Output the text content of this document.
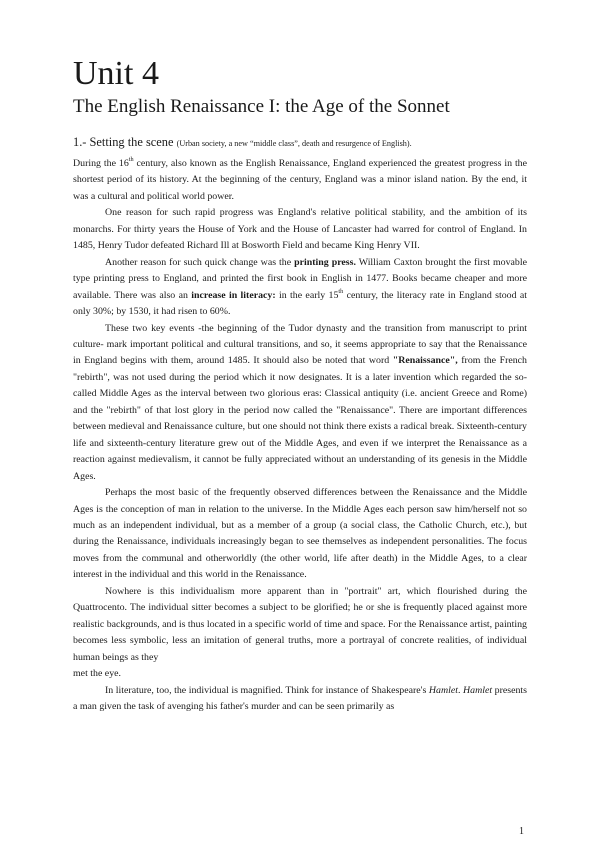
Unit 4
The English Renaissance I: the Age of the Sonnet
1.- Setting the scene (Urban society, a new “middle class”, death and resurgence of English).

During the 16th century, also known as the English Renaissance, England experienced the greatest progress in the shortest period of its history. At the beginning of the century, England was a minor island nation. By the end, it was a cultural and political world power.

One reason for such rapid progress was England's relative political stability, and the ambition of its monarchs. For thirty years the House of York and the House of Lancaster had warred for control of England. In 1485, Henry Tudor defeated Richard Ill at Bosworth Field and became King Henry VII.

Another reason for such quick change was the printing press. William Caxton brought the first movable type printing press to England, and printed the first book in English in 1477. Books became cheaper and more available. There was also an increase in literacy: in the early 15th century, the literacy rate in England stood at only 30%; by 1530, it had risen to 60%.

These two key events -the beginning of the Tudor dynasty and the transition from manuscript to print culture- mark important political and cultural transitions, and so, it seems appropriate to say that the Renaissance in England begins with them, around 1485. It should also be noted that word "Renaissance", from the French "rebirth", was not used during the period which it now designates. It is a later invention which regarded the so-called Middle Ages as the interval between two glorious eras: Classical antiquity (i.e. ancient Greece and Rome) and the "rebirth" of that lost glory in the period now called the "Renaissance". There are important differences between medieval and Renaissance culture, but one should not think there exists a radical break. Sixteenth-century life and sixteenth-century literature grew out of the Middle Ages, and even if we interpret the Renaissance as a reaction against medievalism, it cannot be fully appreciated without an understanding of its genesis in the Middle Ages.

Perhaps the most basic of the frequently observed differences between the Renaissance and the Middle Ages is the conception of man in relation to the universe. In the Middle Ages each person saw him/herself not so much as an independent individual, but as a member of a group (a social class, the Catholic Church, etc.), but during the Renaissance, individuals increasingly began to see themselves as independent personalities. The focus moves from the communal and otherworldly (the other world, life after death) in the Middle Ages, to a clear interest in the individual and this world in the Renaissance.

Nowhere is this individualism more apparent than in "portrait" art, which flourished during the Quattrocento. The individual sitter becomes a subject to be glorified; he or she is frequently placed against more realistic backgrounds, and is thus located in a specific world of time and space. For the Renaissance artist, painting becomes less symbolic, less an imitation of general truths, more a portrayal of concrete realities, of individual human beings as they

met the eye.

In literature, too, the individual is magnified. Think for instance of Shakespeare's Hamlet. Hamlet presents a man given the task of avenging his father's murder and can be seen primarily as

1
